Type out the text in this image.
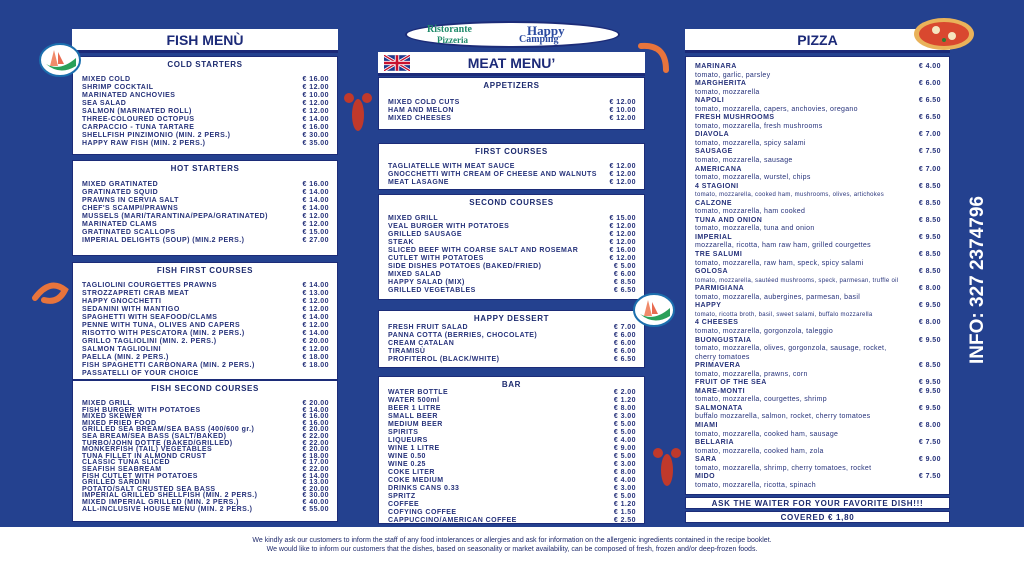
Ristorante
Pizzeria
Happy
Camping
FISH MENÙ
COLD STARTERS
MIXED COLD	€ 16.00
SHRIMP COCKTAIL	€ 12.00
MARINATED ANCHOVIES	€ 10.00
SEA SALAD	€ 12.00
SALMON (MARINATED ROLL)	€ 12.00
THREE-COLOURED OCTOPUS	€ 14.00
CARPACCIO - TUNA TARTARE	€ 16.00
SHELLFISH PINZIMONIO (MIN. 2 PERS.)	€ 30.00
HAPPY RAW FISH (MIN. 2 PERS.)	€ 35.00
HOT STARTERS
MIXED GRATINATED	€ 16.00
GRATINATED SQUID	€ 14.00
PRAWNS IN CERVIA SALT	€ 14.00
CHEF'S SCAMPI/PRAWNS	€ 14.00
MUSSELS (MARI/TARANTINA/PEPA/GRATINATED)	€ 12.00
MARINATED CLAMS	€ 12.00
GRATINATED SCALLOPS	€ 15.00
IMPERIAL DELIGHTS (SOUP) (MIN.2 PERS.)	€ 27.00
FISH FIRST COURSES
TAGLIOLINI COURGETTES PRAWNS	€ 14.00
STROZZAPRETI CRAB MEAT	€ 13.00
HAPPY GNOCCHETTI	€ 12.00
SEDANINI WITH MANTIGO	€ 12.00
SPAGHETTI WITH SEAFOOD/CLAMS	€ 14.00
PENNE WITH TUNA, OLIVES AND CAPERS	€ 12.00
RISOTTO WITH PESCATORA (MIN. 2 PERS.)	€ 14.00
GRILLO TAGLIOLINI (MIN. 2. PERS.)	€ 20.00
SALMON TAGLIOLINI	€ 12.00
PAELLA (MIN. 2 PERS.)	€ 18.00
FISH SPAGHETTI CARBONARA (MIN. 2 PERS.)	€ 18.00
PASSATELLI OF YOUR CHOICE
FISH SECOND COURSES
MIXED GRILL	€ 20.00
FISH BURGER WITH POTATOES	€ 14.00
MIXED SKEWER	€ 16.00
MIXED FRIED FOOD	€ 16.00
GRILLED SEA BREAM/SEA BASS (400/600 gr.)	€ 20.00
SEA BREAM/SEA BASS (SALT/BAKED)	€ 22.00
TURBO/JOHN DOTTE (BAKED/GRILLED)	€ 22.00
MONKERFISH (TAIL) VEGETABLES	€ 20.00
TUNA FILLET IN ALMOND CRUST	€ 18.00
CLASSIC TUNA SLICED	€ 17.00
SEAFISH SEABREAM	€ 22.00
FISH CUTLET WITH POTATOES	€ 14.00
GRILLED SARDINI	€ 13.00
POTATO/SALT CRUSTED SEA BASS	€ 20.00
IMPERIAL GRILLED SHELLFISH (MIN. 2 PERS.)	€ 30.00
MIXED IMPERIAL GRILLED (MIN. 2 PERS.)	€ 40.00
ALL-INCLUSIVE HOUSE MENU (MIN. 2 PERS.)	€ 55.00
MEAT MENU’
APPETIZERS
MIXED COLD CUTS	€ 12.00
HAM AND MELON	€ 10.00
MIXED CHEESES	€ 12.00
FIRST COURSES
TAGLIATELLE WITH MEAT SAUCE	€ 12.00
GNOCCHETTI WITH CREAM OF CHEESE AND WALNUTS	€ 12.00
MEAT LASAGNE	€ 12.00
SECOND COURSES
MIXED GRILL	€ 15.00
VEAL BURGER WITH POTATOES	€ 12.00
GRILLED SAUSAGE	€ 12.00
STEAK	€ 12.00
SLICED BEEF WITH COARSE SALT AND ROSEMAR	€ 16.00
CUTLET WITH POTATOES	€ 12.00
SIDE DISHES POTATOES (BAKED/FRIED)	€ 5.00
MIXED SALAD	€ 6.00
HAPPY SALAD (MIX)	€ 8.50
GRILLED VEGETABLES	€ 6.50
HAPPY DESSERT
FRESH FRUIT SALAD	€ 7.00
PANNA COTTA (BERRIES, CHOCOLATE)	€ 6.00
CREAM CATALAN	€ 6.00
TIRAMISÙ	€ 6.00
PROFITEROL (BLACK/WHITE)	€ 6.50
BAR
WATER BOTTLE	€ 2.00
WATER 500ml	€ 1.20
BEER 1 LITRE	€ 8.00
SMALL BEER	€ 3.00
MEDIUM BEER	€ 5.00
SPIRITS	€ 5.00
LIQUEURS	€ 4.00
WINE 1 LITRE	€ 9.00
WINE 0.50	€ 5.00
WINE 0.25	€ 3.00
COKE LITER	€ 8.00
COKE MEDIUM	€ 4.00
DRINKS CANS 0.33	€ 3.00
SPRITZ	€ 5.00
COFFEE	€ 1.20
COFYING COFFEE	€ 1.50
CAPPUCCINO/AMERICAN COFFEE	€ 2.50
PIZZA
MARINARA	€ 4.00
tomato, garlic, parsley
MARGHERITA	€ 6.00
tomato, mozzarella
NAPOLI	€ 6.50
tomato, mozzarella, capers, anchovies, oregano
FRESH MUSHROOMS	€ 6.50
tomato, mozzarella, fresh mushrooms
DIAVOLA	€ 7.00
tomato, mozzarella, spicy salami
SAUSAGE	€ 7.50
tomato, mozzarella, sausage
AMERICANA	€ 7.00
tomato, mozzarella, wurstel, chips
4 STAGIONI	€ 8.50
tomato, mozzarella, cooked ham, mushrooms, olives, artichokes
CALZONE	€ 8.50
tomato, mozzarella, ham cooked
TUNA AND ONION	€ 8.50
tomato, mozzarella, tuna and onion
IMPERIAL	€ 9.50
mozzarella, ricotta, ham raw ham, grilled courgettes
TRE SALUMI	€ 8.50
tomato, mozzarella, raw ham, speck, spicy salami
GOLOSA	€ 8.50
tomato, mozzarella, sautéed mushrooms, speck, parmesan, truffle oil
PARMIGIANA	€ 8.00
tomato, mozzarella, aubergines, parmesan, basil
HAPPY	€ 9.50
tomato, ricotta broth, basil, sweet salami, buffalo mozzarella
4 CHEESES	€ 8.00
tomato, mozzarella, gorgonzola, taleggio
BUONGUSTAIA	€ 9.50
tomato, mozzarella, olives, gorgonzola, sausage, rocket,
cherry tomatoes
PRIMAVERA	€ 8.50
tomato, mozzarella, prawns, corn
FRUIT OF THE SEA	€ 9.50
MARE-MONTI	€ 9.50
tomato, mozzarella, courgettes, shrimp
SALMONATA	€ 9.50
buffalo mozzarella, salmon, rocket, cherry tomatoes
MIAMI	€ 8.00
tomato, mozzarella, cooked ham, sausage
BELLARIA	€ 7.50
tomato, mozzarella, cooked ham, zola
SARA	€ 9.00
tomato, mozzarella, shrimp, cherry tomatoes, rocket
MIDO	€ 7.50
tomato, mozzarella, ricotta, spinach
ASK THE WAITER FOR YOUR FAVORITE DISH!!!
COVERED € 1,80
INFO: 327 2374796
We kindly ask our customers to inform the staff of any food intolerances or allergies and ask for information on the allergenic ingredients contained in the recipe booklet.
We would like to inform our customers that the dishes, based on seasonality or market availability, can be composed of fresh, frozen and/or deep-frozen foods.
